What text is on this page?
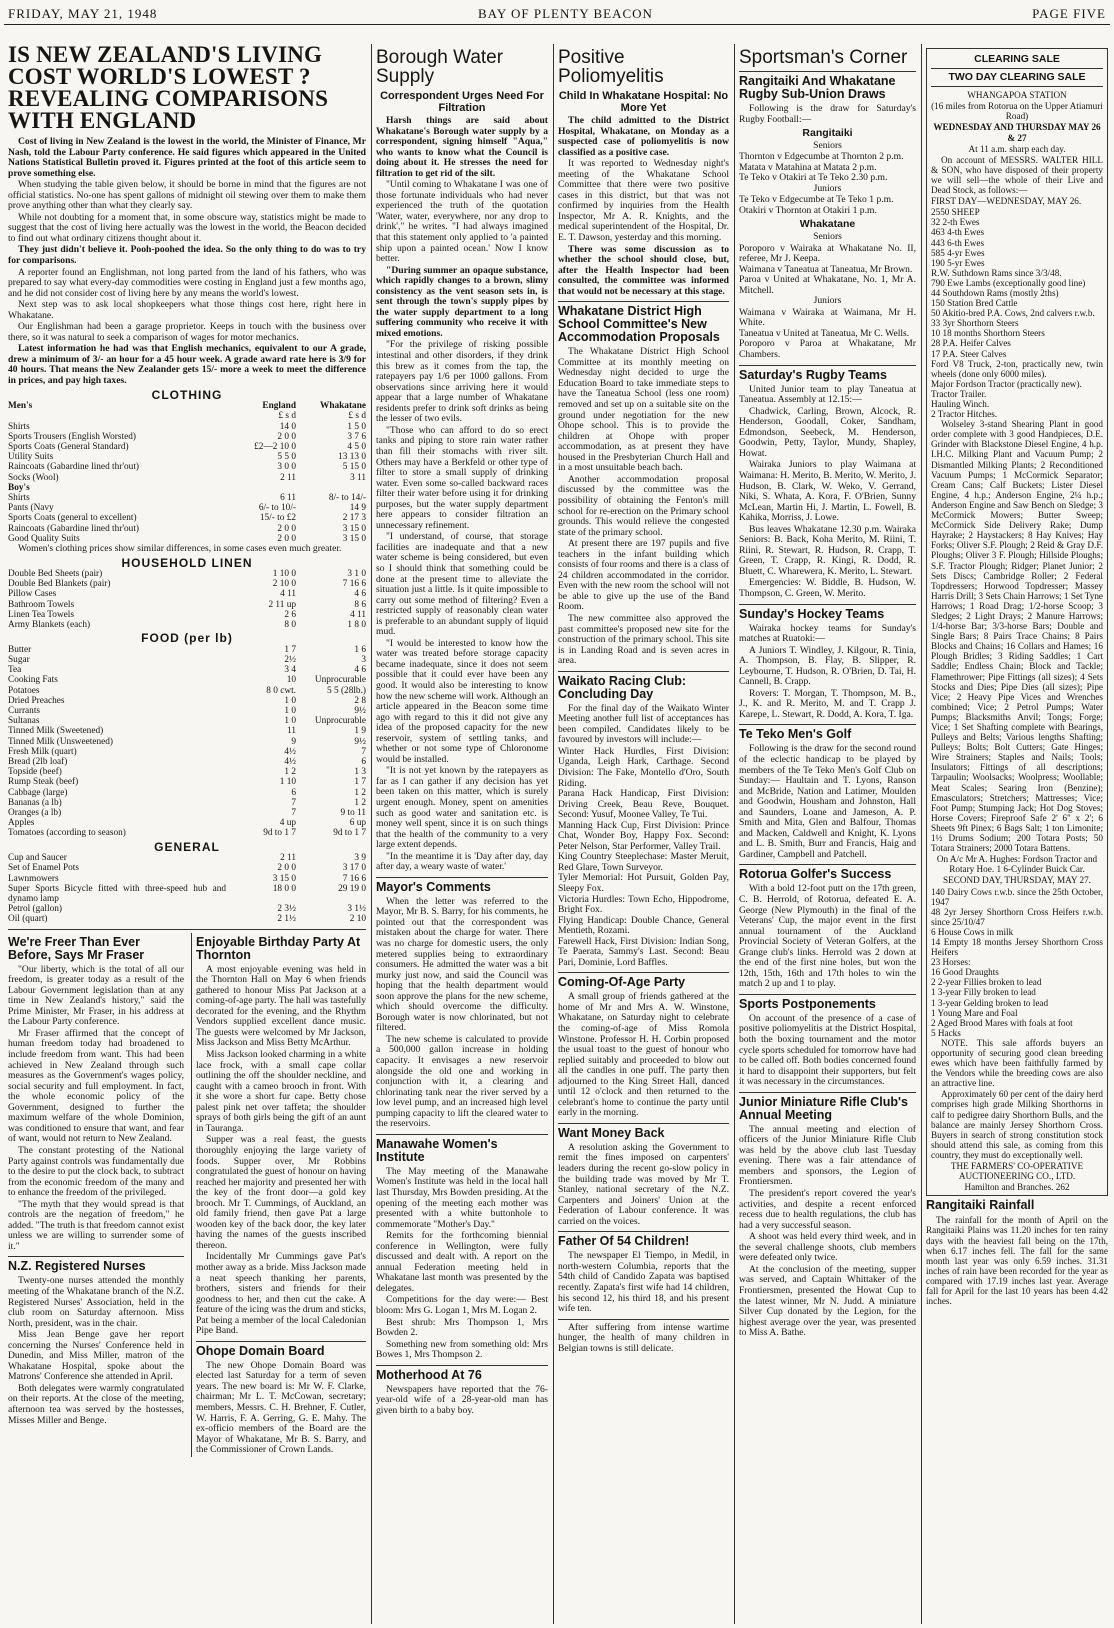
FRIDAY, MAY 21, 1948	BAY OF PLENTY BEACON	PAGE FIVE
IS NEW ZEALAND'S LIVING COST WORLD'S LOWEST ? REVEALING COMPARISONS WITH ENGLAND

Cost of living in New Zealand is the lowest in the world, the Minister of Finance, Mr Nash, told the Labour Party conference. He said figures which appeared in the United Nations Statistical Bulletin proved it. Figures printed at the foot of this article seem to prove something else.

When studying the table given below, it should be borne in mind that the figures are not official statistics. No-one has spent gallons of midnight oil stewing over them to make them prove anything other than what they clearly say.

While not doubting for a moment that, in some obscure way, statistics might be made to suggest that the cost of living here actually was the lowest in the world, the Beacon decided to find out what ordinary citizens thought about it.

They just didn't believe it. Pooh-poohed the idea. So the only thing to do was to try for comparisons.

A reporter found an Englishman, not long parted from the land of his fathers, who was prepared to say what every-day commodities were costing in England just a few months ago, and he did not consider cost of living here by any means the world's lowest.

Next step was to ask local shopkeepers what those things cost here, right here in Whakatane.

Our Englishman had been a garage proprietor. Keeps in touch with the business over there, so it was natural to seek a comparison of wages for motor mechanics.

Latest information he had was that English mechanics, equivalent to our A grade, drew a minimum of 3/- an hour for a 45 hour week. A grade award rate here is 3/9 for 40 hours. That means the New Zealander gets 15/- more a week to meet the difference in prices, and pay high taxes.

CLOTHING
Men's	England	Whakatane
	£ s d	£ s d
Shirts	14 0	1 5 0
Sports Trousers (English Worsted)	2 0 0	3 7 6
Sports Coats (General Standard)	£2—2 10 0	4 5 0
Utility Suits	5 5 0	13 13 0
Raincoats (Gabardine lined thr'out)	3 0 0	5 15 0
Socks (Wool)	2 11	3 11
Boy's		
Shirts	6 11	8/- to 14/-
Pants (Navy	6/- to 10/-	14 9
Sports Coats (general to excellent)	15/- to £2	2 17 3
Raincoats (Gabardine lined thr'out)	2 0 0	3 15 0
Good Quality Suits	2 0 0	3 15 0

Women's clothing prices show similar differences, in some cases even much greater.

HOUSEHOLD LINEN
Double Bed Sheets (pair)	1 10 0	3 1 0
Double Bed Blankets (pair)	2 10 0	7 16 6
Pillow Cases	4 11	4 6
Bathroom Towels	2 11 up	8 6
Linen Tea Towels	2 6	4 11
Army Blankets (each)	8 0	1 8 0
FOOD (per lb)
Butter	1 7	1 6
Sugar	2½	3
Tea	3 4	4 6
Cooking Fats	10	Unprocurable
Potatoes	8 0 cwt.	5 5 (28lb.)
Dried Preaches	1 0	2 8
Currants	1 0	9½
Sultanas	1 0	Unprocurable
Tinned Milk (Sweetened)	11	1 9
Tinned Milk (Unsweetened)	9	9½
Fresh Milk (quart)	4½	7
Bread (2lb loaf)	4½	6
Topside (beef)	1 2	1 3
Rump Steak (beef)	1 10	1 7
Cabbage (large)	6	1 2
Bananas (a lb)	7	1 2
Oranges (a lb)	7	9 to 11
Apples	4 up	6 up
Tomatoes (according to season)	9d to 1 7	9d to 1 7
GENERAL
Cup and Saucer	2 11	3 9
Set of Enamel Pots	2 0 0	3 17 0
Lawnmowers	3 15 0	7 16 6
Super Sports Bicycle fitted with three-speed hub and dynamo lamp	18 0 0	29 19 0
Petrol (gallon)	2 3½	3 1½
Oil (quart)	2 1½	2 10
We're Freer Than Ever Before, Says Mr Fraser

"Our liberty, which is the total of all our freedom, is greater today as a result of the Labour Government legislation than at any time in New Zealand's history," said the Prime Minister, Mr Fraser, in his address at the Labour Party conference.

Mr Fraser affirmed that the concept of human freedom today had broadened to include freedom from want. This had been achieved in New Zealand through such measures as the Government's wages policy, social security and full employment. In fact, the whole economic policy of the Government, designed to further the maximum welfare of the whole Dominion, was conditioned to ensure that want, and fear of want, would not return to New Zealand.

The constant protesting of the National Party against controls was fundamentally due to the desire to put the clock back, to subtract from the economic freedom of the many and to enhance the freedom of the privileged.

"The myth that they would spread is that controls are the negation of freedom," he added. "The truth is that freedom cannot exist unless we are willing to surrender some of it."

N.Z. Registered Nurses

Twenty-one nurses attended the monthly meeting of the Whakatane branch of the N.Z. Registered Nurses' Association, held in the club room on Saturday afternoon. Miss North, president, was in the chair.

Miss Jean Benge gave her report concerning the Nurses' Conference held in Dunedin, and Miss Miller, matron of the Whakatane Hospital, spoke about the Matrons' Conference she attended in April.

Both delegates were warmly congratulated on their reports. At the close of the meeting, afternoon tea was served by the hostesses, Misses Miller and Benge.

Enjoyable Birthday Party At Thornton

A most enjoyable evening was held in the Thornton Hall on May 6 when friends gathered to honour Miss Pat Jackson at a coming-of-age party. The hall was tastefully decorated for the evening, and the Rhythm Vendors supplied excellent dance music. The guests were welcomed by Mr Jackson, Miss Jackson and Miss Betty McArthur.

Miss Jackson looked charming in a white lace frock, with a small cape collar outlining the off the shoulder neckline, and caught with a cameo brooch in front. With it she wore a short fur cape. Betty chose palest pink net over taffeta; the shoulder sprays of both girls being the gift of an aunt in Tauranga.

Supper was a real feast, the guests thoroughly enjoying the large variety of foods. Supper over, Mr Robbins congratulated the guest of honour on having reached her majority and presented her with the key of the front door—a gold key brooch. Mr T. Cummings, of Auckland, an old family friend, then gave Pat a large wooden key of the back door, the key later having the names of the guests inscribed thereon.

Incidentally Mr Cummings gave Pat's mother away as a bride. Miss Jackson made a neat speech thanking her parents, brothers, sisters and friends for their goodness to her, and then cut the cake. A feature of the icing was the drum and sticks, Pat being a member of the local Caledonian Pipe Band.

Ohope Domain Board

The new Ohope Domain Board was elected last Saturday for a term of seven years. The new board is: Mr W. F. Clarke, chairman; Mr L. T. McCowan, secretary; members, Messrs. C. H. Brehner, F. Cutler, W. Harris, F. A. Gerring, G. E. Mahy. The ex-officio members of the Board are the Mayor of Whakatane, Mr B. S. Barry, and the Commissioner of Crown Lands.

Borough Water Supply
Correspondent Urges Need For Filtration

Harsh things are said about Whakatane's Borough water supply by a correspondent, signing himself "Aqua," who wants to know what the Council is doing about it. He stresses the need for filtration to get rid of the silt.

"Until coming to Whakatane I was one of those fortunate individuals who had never experienced the truth of the quotation 'Water, water, everywhere, nor any drop to drink'," he writes. "I had always imagined that this statement only applied to 'a painted ship upon a painted ocean.' Now I know better.

"During summer an opaque substance, which rapidly changes to a brown, slimy consistency as the vent season sets in, is sent through the town's supply pipes by the water supply department to a long suffering community who receive it with mixed emotions.

"For the privilege of risking possible intestinal and other disorders, if they drink this brew as it comes from the tap, the ratepayers pay 1/6 per 1000 gallons. From observations since arriving here it would appear that a large number of Whakatane residents prefer to drink soft drinks as being the lesser of two evils.

"Those who can afford to do so erect tanks and piping to store rain water rather than fill their stomachs with river silt. Others may have a Berkfeld or other type of filter to store a small supply of drinking water. Even some so-called backward races filter their water before using it for drinking purposes, but the water supply department here appears to consider filtration an unnecessary refinement.

"I understand, of course, that storage facilities are inadequate and that a new water scheme is being considered, but even so I should think that something could be done at the present time to alleviate the situation just a little. Is it quite impossible to carry out some method of filtering? Even a restricted supply of reasonably clean water is preferable to an abundant supply of liquid mud.

"I would be interested to know how the water was treated before storage capacity became inadequate, since it does not seem possible that it could ever have been any good. It would also be interesting to know how the new scheme will work. Although an article appeared in the Beacon some time ago with regard to this it did not give any idea of the proposed capacity for the new reservoir, system of settling tanks, and whether or not some type of Chloronome would be installed.

"It is not yet known by the ratepayers as far as I can gather if any decision has yet been taken on this matter, which is surely urgent enough. Money, spent on amenities such as good water and sanitation etc. is money well spent, since it is on such things that the health of the community to a very large extent depends.

"In the meantime it is 'Day after day, day after day, a weary waste of water.'

Mayor's Comments

When the letter was referred to the Mayor, Mr B. S. Barry, for his comments, he pointed out that the correspondent was mistaken about the charge for water. There was no charge for domestic users, the only metered supplies being to extraordinary consumers. He admitted the water was a bit murky just now, and said the Council was hoping that the health department would soon approve the plans for the new scheme, which should overcome the difficulty. Borough water is now chlorinated, but not filtered.

The new scheme is calculated to provide a 500,000 gallon increase in holding capacity. It envisages a new reservoir alongside the old one and working in conjunction with it, a clearing and chlorinating tank near the river served by a low level pump, and an increased high level pumping capacity to lift the cleared water to the reservoirs.

Manawahe Women's Institute

The May meeting of the Manawahe Women's Institute was held in the local hall last Thursday, Mrs Bowden presiding. At the opening of the meeting each mother was presented with a white buttonhole to commemorate "Mother's Day."

Remits for the forthcoming biennial conference in Wellington, were fully discussed and dealt with. A report on the annual Federation meeting held in Whakatane last month was presented by the delegates.

Competitions for the day were:— Best bloom: Mrs G. Logan 1, Mrs M. Logan 2.

Best shrub: Mrs Thompson 1, Mrs Bowden 2.

Something new from something old: Mrs Bowes 1, Mrs Thompson 2.

Motherhood At 76

Newspapers have reported that the 76-year-old wife of a 28-year-old man has given birth to a baby boy.

Positive Poliomyelitis
Child In Whakatane Hospital: No More Yet

The child admitted to the District Hospital, Whakatane, on Monday as a suspected case of poliomyelitis is now classified as a positive case.

It was reported to Wednesday night's meeting of the Whakatane School Committee that there were two positive cases in this district, but that was not confirmed by inquiries from the Health Inspector, Mr A. R. Knights, and the medical superintendent of the Hospital, Dr. E. T. Dawson, yesterday and this morning.

There was some discussion as to whether the school should close, but, after the Health Inspector had been consulted, the committee was informed that would not be necessary at this stage.

Whakatane District High School Committee's New Accommodation Proposals

The Whakatane District High School Committee at its monthly meeting on Wednesday night decided to urge the Education Board to take immediate steps to have the Taneatua School (less one room) removed and set up on a suitable site on the ground under negotiation for the new Ohope school. This is to provide the children at Ohope with proper accommodation, as at present they have housed in the Presbyterian Church Hall and in a most unsuitable beach bach.

Another accommodation proposal discussed by the committee was the possibility of obtaining the Fenton's mill school for re-erection on the Primary school grounds. This would relieve the congested state of the primary school.

At present there are 197 pupils and five teachers in the infant building which consists of four rooms and there is a class of 24 children accommodated in the corridor. Even with the new room the school will not be able to give up the use of the Band Room.

The new committee also approved the past committee's proposed new site for the construction of the primary school. This site is in Landing Road and is seven acres in area.

Waikato Racing Club: Concluding Day

For the final day of the Waikato Winter Meeting another full list of acceptances has been compiled. Candidates likely to be favoured by investors will include:—

Winter Hack Hurdles, First Division: Uganda, Leigh Hark, Carthage. Second Division: The Fake, Montello d'Oro, South Riding.
Parana Hack Handicap, First Division: Driving Creek, Beau Reve, Bouquet. Second: Yusuf, Moonee Valley, Te Tui.
Manning Hack Cup, First Division: Prince Chat, Wonder Boy, Happy Fox. Second: Peter Nelson, Star Performer, Valley Trail.
King Country Steeplechase: Master Meruit, Red Glare, Town Surveyor.
Tyler Memorial: Hot Pursuit, Golden Pay, Sleepy Fox.
Victoria Hurdles: Town Echo, Hippodrome, Bright Fox.
Flying Handicap: Double Chance, General Mentieth, Rozami.
Farewell Hack, First Division: Indian Song, Te Paerata, Sammy's Last. Second: Beau Pari, Dominie, Lord Baffles.
Coming-Of-Age Party

A small group of friends gathered at the home of Mr and Mrs A. W. Winstone, Whakatane, on Saturday night to celebrate the coming-of-age of Miss Romola Winstone. Professor H. H. Corbin proposed the usual toast to the guest of honour who replied suitably and proceeded to blow out all the candles in one puff. The party then adjourned to the King Street Hall, danced until 12 o'clock and then returned to the celebrant's home to continue the party until early in the morning.

Want Money Back

A resolution asking the Government to remit the fines imposed on carpenters' leaders during the recent go-slow policy in the building trade was moved by Mr T. Stanley, national secretary of the N.Z. Carpenters and Joiners' Union at the Federation of Labour conference. It was carried on the voices.

Father Of 54 Children!

The newspaper El Tiempo, in Medil, in north-western Columbia, reports that the 54th child of Candido Zapata was baptised recently. Zapata's first wife had 14 children, his second 12, his third 18, and his present wife ten.

After suffering from intense wartime hunger, the health of many children in Belgian towns is still delicate.

Sportsman's Corner
Rangitaiki And Whakatane Rugby Sub-Union Draws

Following is the draw for Saturday's Rugby Football:—

Rangitaiki

Seniors

Thornton v Edgecumbe at Thornton 2 p.m.
Matata v Matahina at Matata 2 p.m.
Te Teko v Otakiri at Te Teko 2.30 p.m.

Juniors

Te Teko v Edgecumbe at Te Teko 1 p.m.
Otakiri v Thornton at Otakiri 1 p.m.
Whakatane

Seniors

Poroporo v Wairaka at Whakatane No. II, referee, Mr J. Keepa.
Waimana v Taneatua at Taneatua, Mr Brown.
Paroa v United at Whakatane, No. 1, Mr A. Mitchell.

Juniors

Waimana v Wairaka at Waimana, Mr H. White.
Taneatua v United at Taneatua, Mr C. Wells.
Poroporo v Paroa at Whakatane, Mr Chambers.
Saturday's Rugby Teams

United Junior team to play Taneatua at Taneatua. Assembly at 12.15:—

Chadwick, Carling, Brown, Alcock, R. Henderson, Goodall, Coker, Sandham, Edmondson, Seebeck, M. Henderson, Goodwin, Petty, Taylor, Mundy, Shapley, Howat.

Wairaka Juniors to play Waimana at Waimana: H. Merito, B. Merito, W. Merito, J. Hudson, B. Clark, W. Weko, V. Gerrand, Niki, S. Whata, A. Kora, F. O'Brien, Sunny McLean, Martin Hi, J. Martin, L. Fowell, B. Kahika, Morriss, J. Lowe.

Bus leaves Whakatane 12.30 p.m. Wairaka Seniors: B. Back, Koha Merito, M. Riini, T. Riini, R. Stewart, R. Hudson, R. Crapp, T. Green, T. Crapp, R. Kingi, R. Dodd, R. Bluett, C. Wharewera, K. Merito, L. Stewart.

Emergencies: W. Biddle, B. Hudson, W. Thompson, C. Green, W. Merito.

Sunday's Hockey Teams

Wairaka hockey teams for Sunday's matches at Ruatoki:—

A Juniors T. Windley, J. Kilgour, R. Tinia, A. Thompson, B. Flay, B. Slipper, R. Leybourne, T. Hudson, R. O'Brien, D. Tai, H. Cannell, B. Crapp.

Rovers: T. Morgan, T. Thompson, M. B., J., K. and R. Merito, M. and T. Crapp J. Karepe, L. Stewart, R. Dodd, A. Kora, T. Iga.

Te Teko Men's Golf

Following is the draw for the second round of the eclectic handicap to be played by members of the Te Teko Men's Golf Club on Sunday:— Haultain and T. Lyons, Ranson and McBride, Nation and Latimer, Moulden and Goodwin, Housham and Johnston, Hall and Saunders, Loane and Jameson, A. P. Smith and Mita, Glen and Balfour, Thomas and Macken, Caldwell and Knight, K. Lyons and L. B. Smith, Burr and Francis, Haig and Gardiner, Campbell and Patchell.

Rotorua Golfer's Success

With a bold 12-foot putt on the 17th green, C. B. Herrold, of Rotorua, defeated E. A. George (New Plymouth) in the final of the Veterans' Cup, the major event in the first annual tournament of the Auckland Provincial Society of Veteran Golfers, at the Grange club's links. Herrold was 2 down at the end of the first nine holes, but won the 12th, 15th, 16th and 17th holes to win the match 2 up and 1 to play.

Sports Postponements

On account of the presence of a case of positive poliomyelitis at the District Hospital, both the boxing tournament and the motor cycle sports scheduled for tomorrow have had to be called off. Both bodies concerned found it hard to disappoint their supporters, but felt it was necessary in the circumstances.

Junior Miniature Rifle Club's Annual Meeting

The annual meeting and election of officers of the Junior Miniature Rifle Club was held by the above club last Tuesday evening. There was a fair attendance of members and sponsors, the Legion of Frontiersmen.

The president's report covered the year's activities, and despite a recent enforced recess due to health regulations, the club has had a very successful season.

A shoot was held every third week, and in the several challenge shoots, club members were defeated only twice.

At the conclusion of the meeting, supper was served, and Captain Whittaker of the Frontiersmen, presented the Howat Cup to the latest winner, Mr N. Judd. A miniature Silver Cup donated by the Legion, for the highest average over the year, was presented to Miss A. Bathe.

CLEARING SALE
TWO DAY CLEARING SALE

WHANGAPOA STATION

(16 miles from Rotorua on the Upper Atiamuri Road)

WEDNESDAY AND THURSDAY MAY 26 & 27

At 11 a.m. sharp each day.

On account of MESSRS. WALTER HILL & SON, who have disposed of their property we will sell—the whole of their Live and Dead Stock, as follows:—

FIRST DAY—WEDNESDAY, MAY 26.

2550 SHEEP
32 2-th Ewes
463 4-th Ewes
443 6-th Ewes
585 4-yr Ewes
190 5-yr Ewes
R.W. Suthdown Rams since 3/3/48.
790 Ewe Lambs (exceptionally good line)
44 Southdown Rams (mostly 2ths)
150 Station Bred Cattle
50 Akitio-bred P.A. Cows, 2nd calvers r.w.b.
33 3yr Shorthorn Steers
10 18 months Shorthorn Steers
28 P.A. Heifer Calves
17 P.A. Steer Calves
Ford V8 Truck, 2-ton, practically new, twin wheels (done only 6000 miles).
Major Fordson Tractor (practically new).
Tractor Trailer.
Hauling Winch.
2 Tractor Hitches.

Wolseley 3-stand Shearing Plant in good order complete with 3 good Handpieces, D.E. Grinder with Blackstone Diesel Engine, 4 h.p. I.H.C. Milking Plant and Vacuum Pump; 2 Dismantled Milking Plants; 2 Reconditioned Vacuum Pumps; 1 McCormick Separator; Cream Cans; Calf Buckets; Lister Diesel Engine, 4 h.p.; Anderson Engine, 2¼ h.p.; Anderson Engine and Saw Bench on Sledge; 3 McCormick Mowers; Butter Sweep; McCormick Side Delivery Rake; Dump Hayrake; 2 Haystackers; 8 Hay Knives; Hay Forks; Oliver S.F. Plough; 2 Reid & Gray D.F. Ploughs; Oliver 3 F. Plough; Hillside Ploughs; S.F. Tractor Plough; Ridger; Planet Junior; 2 Sets Discs; Cambridge Roller; 2 Federal Topdressers; Horwood Topdresser; Massey Harris Drill; 3 Sets Chain Harrows; 1 Set Tyne Harrows; 1 Road Drag; 1/2-horse Scoop; 3 Sledges; 2 Light Drays; 2 Manure Harrows; 1/4-horse Bar; 3/3-horse Bars; Double and Single Bars; 8 Pairs Trace Chains; 8 Pairs Blocks and Chains; 16 Collars and Hames; 16 Plough Bridles; 3 Riding Saddles; 1 Cart Saddle; Endless Chain; Block and Tackle; Flamethrower; Pipe Fittings (all sizes); 4 Sets Stocks and Dies; Pipe Dies (all sizes); Pipe Vice; 2 Heavy Pipe Vices and Wrenches combined; Vice; 2 Petrol Pumps; Water Pumps; Blacksmiths Anvil; Tongs; Forge; Vice; 1 Set Shafting complete with Bearings, Pulleys and Belts; Various lengths Shafting; Pulleys; Bolts; Bolt Cutters; Gate Hinges; Wire Strainers; Staples and Nails; Tools; Insulators; Fittings of all descriptions; Tarpaulin; Woolsacks; Woolpress; Woollable; Meat Scales; Searing Iron (Benzine); Emasculators; Stretchers; Mattresses; Vice; Foot Pump; Stumping Jack; Hot Dog Stoves; Horse Covers; Fireproof Safe 2' 6" x 2'; 6 Sheets 9ft Pinex; 6 Bags Salt; 1 ton Limonite; 1½ Drums Sodium; 200 Totara Posts; 50 Totara Strainers; 2000 Totara Battens.

On A/c Mr A. Hughes: Fordson Tractor and Rotary Hoe. 1 6-Cylinder Buick Car.

SECOND DAY, THURSDAY, MAY 27.

140 Dairy Cows r.w.b. since the 25th October, 1947
48 2yr Jersey Shorthorn Cross Heifers r.w.b. since 25/10/47
6 House Cows in milk
14 Empty 18 months Jersey Shorthorn Cross Heifers
23 Horses:
16 Good Draughts
2 2-year Fillies broken to lead
1 3-year Filly broken to lead
1 3-year Gelding broken to lead
1 Young Mare and Foal
2 Aged Brood Mares with foals at foot
5 Hacks

NOTE. This sale affords buyers an opportunity of securing good clean breeding ewes which have been faithfully farmed by the Vendors while the breeding cows are also an attractive line.

Approximately 60 per cent of the dairy herd comprises high grade Milking Shorthorns in calf to pedigree dairy Shorthorn Bulls, and the balance are mainly Jersey Shorthorn Cross. Buyers in search of strong constitution stock should attend this sale, as coming from this country, they must do exceptionally well.

THE FARMERS' CO-OPERATIVE AUCTIONEERING CO., LTD.

Hamilton and Branches. 262

Rangitaiki Rainfall

The rainfall for the month of April on the Rangitaiki Plains was 11.20 inches for ten rainy days with the heaviest fall being on the 17th, when 6.17 inches fell. The fall for the same month last year was only 6.59 inches. 31.31 inches of rain have been recorded for the year as compared with 17.19 inches last year. Average fall for April for the last 10 years has been 4.42 inches.
